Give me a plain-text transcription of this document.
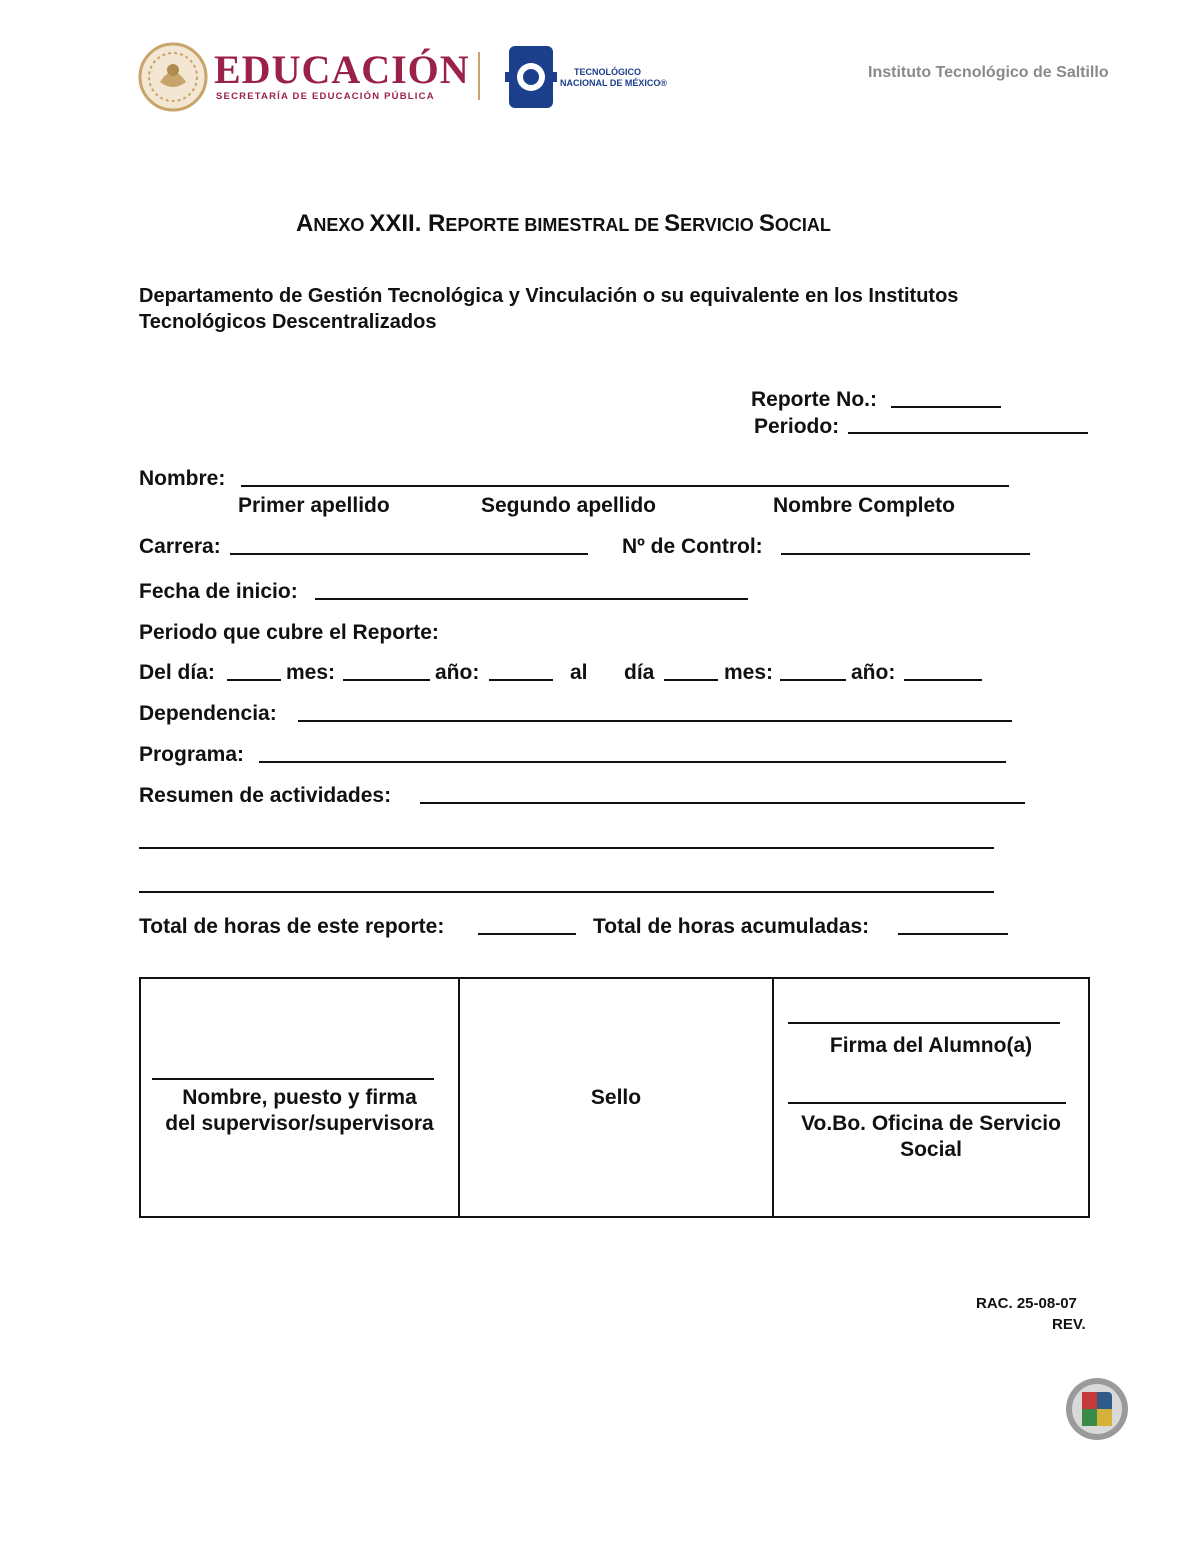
EDUCACIÓN
SECRETARÍA DE EDUCACIÓN PÚBLICA
TECNOLÓGICO
NACIONAL DE MÉXICO®
Instituto Tecnológico de Saltillo
ANEXO XXII. REPORTE BIMESTRAL DE SERVICIO SOCIAL
Departamento de Gestión Tecnológica y Vinculación o su equivalente en los Institutos
Tecnológicos Descentralizados
Reporte No.:
Periodo:
Nombre:
Primer apellido	Segundo apellido	Nombre Completo
Carrera:	Nº de Control:
Fecha de inicio:
Periodo que cubre el Reporte:
Del día:	mes:	año:	al día	mes:	año:
Dependencia:
Programa:
Resumen de actividades:
Total de horas de este reporte:	Total de horas acumuladas:
Nombre, puesto y firma
del supervisor/supervisora
Sello
Firma del Alumno(a)
Vo.Bo. Oficina de Servicio
Social
RAC. 25-08-07
REV.
